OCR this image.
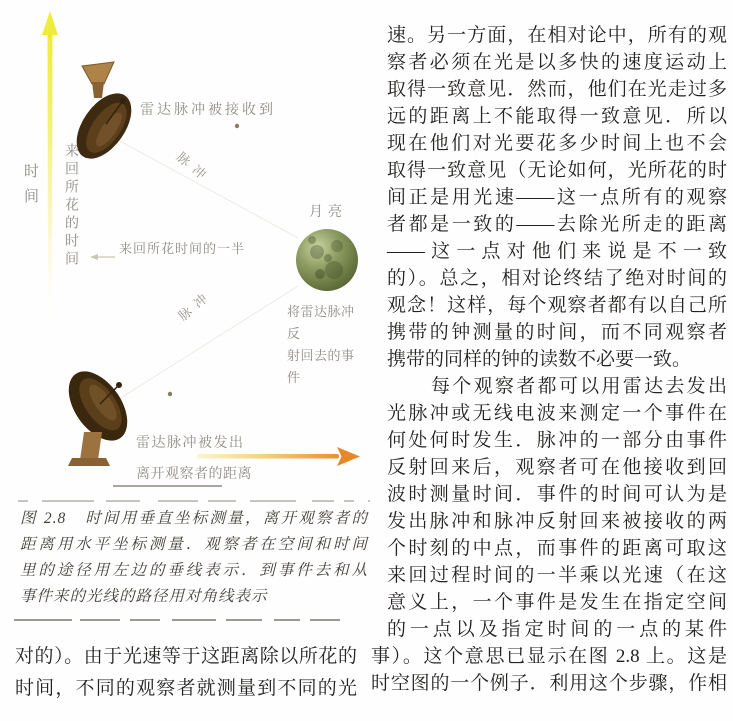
雷达脉冲被接收到
时间 来回所花的时间	脉冲
来回所花时间的一半
月亮
将雷达脉冲反
射回去的事件
脉冲
雷达脉冲被发出
离开观察者的距离
图 2.8　时间用垂直坐标测量，离开观察者的
距离用水平坐标测量．观察者在空间和时间
里的途径用左边的垂线表示．到事件去和从
事件来的光线的路径用对角线表示
对的）。由于光速等于这距离除以所花的
时间，不同的观察者就测量到不同的光
速。另一方面，在相对论中，所有的观
察者必须在光是以多快的速度运动上
取得一致意见．然而，他们在光走过多
远的距离上不能取得一致意见．所以
现在他们对光要花多少时间上也不会
取得一致意见（无论如何，光所花的时
间正是用光速——这一点所有的观察
者都是一致的——去除光所走的距离
——这一点对他们来说是不一致
的）。总之，相对论终结了绝对时间的
观念！这样，每个观察者都有以自己所
携带的钟测量的时间，而不同观察者
携带的同样的钟的读数不必要一致。
每个观察者都可以用雷达去发出
光脉冲或无线电波来测定一个事件在
何处何时发生．脉冲的一部分由事件
反射回来后，观察者可在他接收到回
波时测量时间．事件的时间可认为是
发出脉冲和脉冲反射回来被接收的两
个时刻的中点，而事件的距离可取这
来回过程时间的一半乘以光速（在这
意义上，一个事件是发生在指定空间
的一点以及指定时间的一点的某件
事）。这个意思已显示在图 2.8 上。这是
时空图的一个例子．利用这个步骤，作相
